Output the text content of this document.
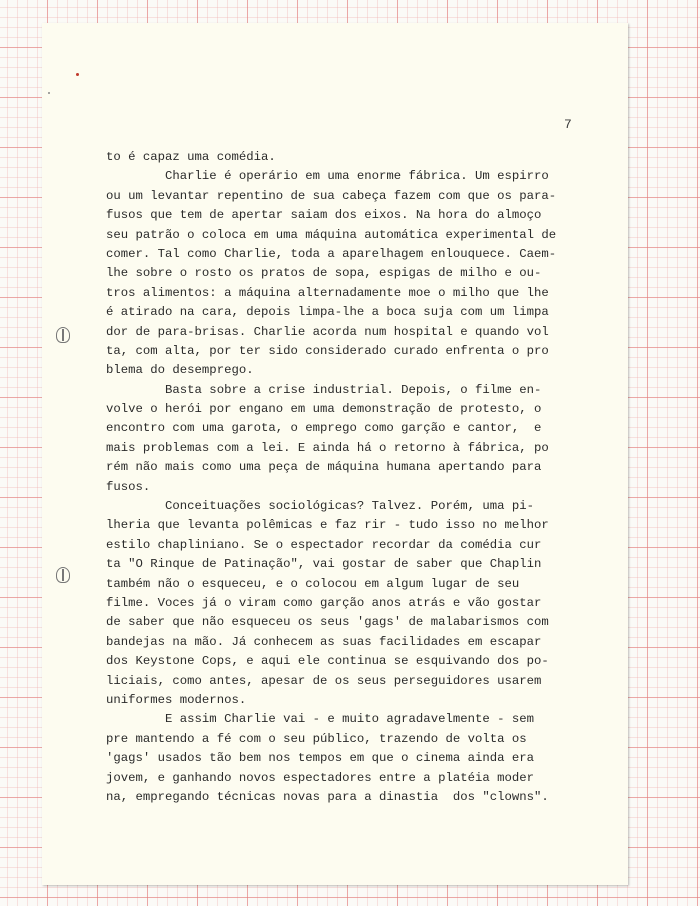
7
to é capaz uma comédia.
Charlie é operário em uma enorme fábrica. Um espirro
ou um levantar repentino de sua cabeça fazem com que os para-
fusos que tem de apertar saiam dos eixos. Na hora do almoço
seu patrão o coloca em uma máquina automática experimental de
comer. Tal como Charlie, toda a aparelhagem enlouquece. Caem-
lhe sobre o rosto os pratos de sopa, espigas de milho e ou-
tros alimentos: a máquina alternadamente moe o milho que lhe
é atirado na cara, depois limpa-lhe a boca suja com um limpa
dor de para-brisas. Charlie acorda num hospital e quando vol
ta, com alta, por ter sido considerado curado enfrenta o pro
blema do desemprego.
Basta sobre a crise industrial. Depois, o filme en-
volve o herói por engano em uma demonstração de protesto, o
encontro com uma garota, o emprego como garção e cantor,  e
mais problemas com a lei. E ainda há o retorno à fábrica, po
rém não mais como uma peça de máquina humana apertando para
fusos.
Conceituações sociológicas? Talvez. Porém, uma pi-
lheria que levanta polêmicas e faz rir - tudo isso no melhor
estilo chapliniano. Se o espectador recordar da comédia cur
ta "O Rinque de Patinação", vai gostar de saber que Chaplin
também não o esqueceu, e o colocou em algum lugar de seu
filme. Voces já o viram como garção anos atrás e vão gostar
de saber que não esqueceu os seus 'gags' de malabarismos com
bandejas na mão. Já conhecem as suas facilidades em escapar
dos Keystone Cops, e aqui ele continua se esquivando dos po-
liciais, como antes, apesar de os seus perseguidores usarem
uniformes modernos.
E assim Charlie vai - e muito agradavelmente - sem
pre mantendo a fé com o seu público, trazendo de volta os
'gags' usados tão bem nos tempos em que o cinema ainda era
jovem, e ganhando novos espectadores entre a platéia moder
na, empregando técnicas novas para a dinastia  dos "clowns".
